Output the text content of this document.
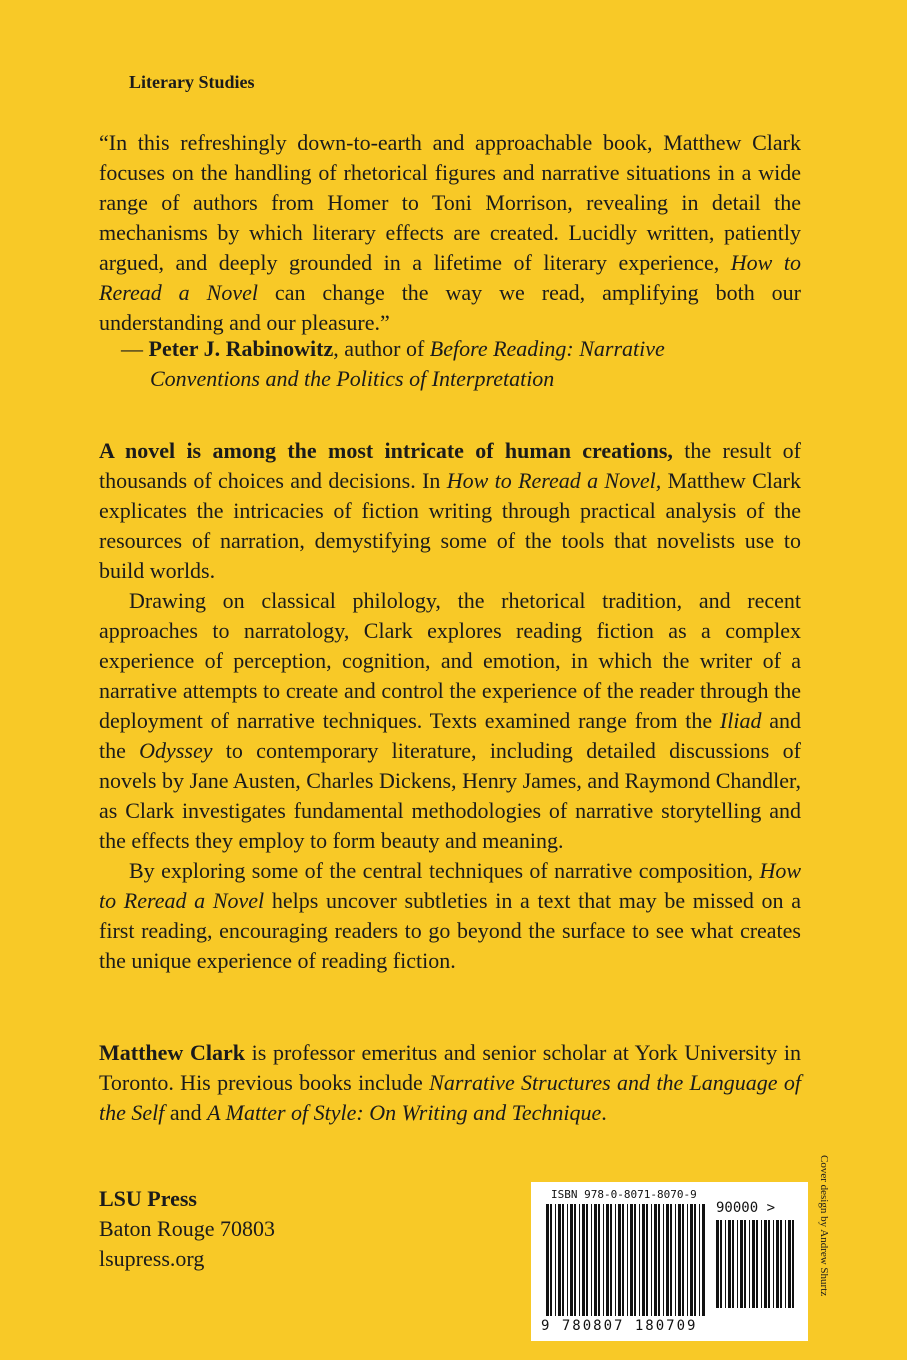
Literary Studies

“In this refreshingly down-to-earth and approachable book, Matthew Clark focuses on the handling of rhetorical figures and narrative situations in a wide range of authors from Homer to Toni Morrison, revealing in detail the mechanisms by which literary effects are created. Lucidly written, patiently argued, and deeply grounded in a lifetime of literary experience, How to Reread a Novel can change the way we read, amplifying both our understanding and our pleasure.”

— Peter J. Rabinowitz, author of Before Reading: Narrative
Conventions and the Politics of Interpretation

A novel is among the most intricate of human creations, the result of thousands of choices and decisions. In How to Reread a Novel, Matthew Clark explicates the intricacies of fiction writing through practical analysis of the resources of narration, demystifying some of the tools that novelists use to build worlds.

Drawing on classical philology, the rhetorical tradition, and recent approaches to narratology, Clark explores reading fiction as a complex experience of perception, cognition, and emotion, in which the writer of a narrative attempts to create and control the experience of the reader through the deployment of narrative techniques. Texts examined range from the Iliad and the Odyssey to contemporary literature, including detailed discussions of novels by Jane Austen, Charles Dickens, Henry James, and Raymond Chandler, as Clark investigates fundamental methodologies of narrative storytelling and the effects they employ to form beauty and meaning.

By exploring some of the central techniques of narrative composition, How to Reread a Novel helps uncover subtleties in a text that may be missed on a first reading, encouraging readers to go beyond the surface to see what creates the unique experience of reading fiction.

Matthew Clark is professor emeritus and senior scholar at York University in Toronto. His previous books include Narrative Structures and the Language of the Self and A Matter of Style: On Writing and Technique.

LSU Press
Baton Rouge 70803
lsupress.org
ISBN 978-0-8071-8070-9
90000 >
9 780807 180709
Cover design by Andrew Shurtz
